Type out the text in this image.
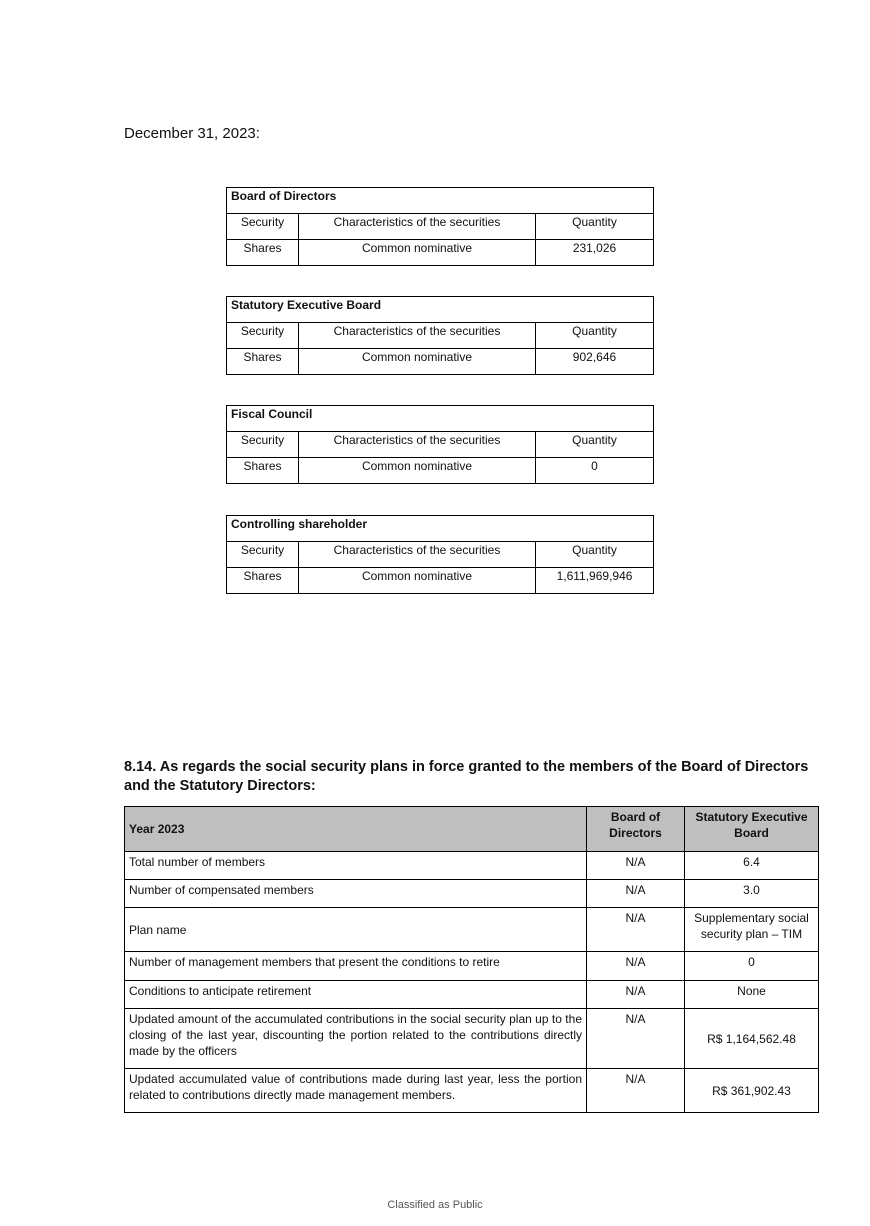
December 31, 2023:
Board of Directors		
Security	Characteristics of the securities	Quantity
Shares	Common nominative	231,026
Statutory Executive Board		
Security	Characteristics of the securities	Quantity
Shares	Common nominative	902,646
Fiscal Council		
Security	Characteristics of the securities	Quantity
Shares	Common nominative	0
Controlling shareholder		
Security	Characteristics of the securities	Quantity
Shares	Common nominative	1,611,969,946
8.14. As regards the social security plans in force granted to the members of the Board of Directors and the Statutory Directors:
Year 2023	Board of Directors	Statutory Executive Board
Total number of members	N/A	6.4
Number of compensated members	N/A	3.0
Plan name	N/A	Supplementary social security plan – TIM
Number of management members that present the conditions to retire	N/A	0
Conditions to anticipate retirement	N/A	None
Updated amount of the accumulated contributions in the social security plan up to the closing of the last year, discounting the portion related to the contributions directly made by the officers	N/A	R$ 1,164,562.48
Updated accumulated value of contributions made during last year, less the portion related to contributions directly made management members.	N/A	R$ 361,902.43
Classified as Public
